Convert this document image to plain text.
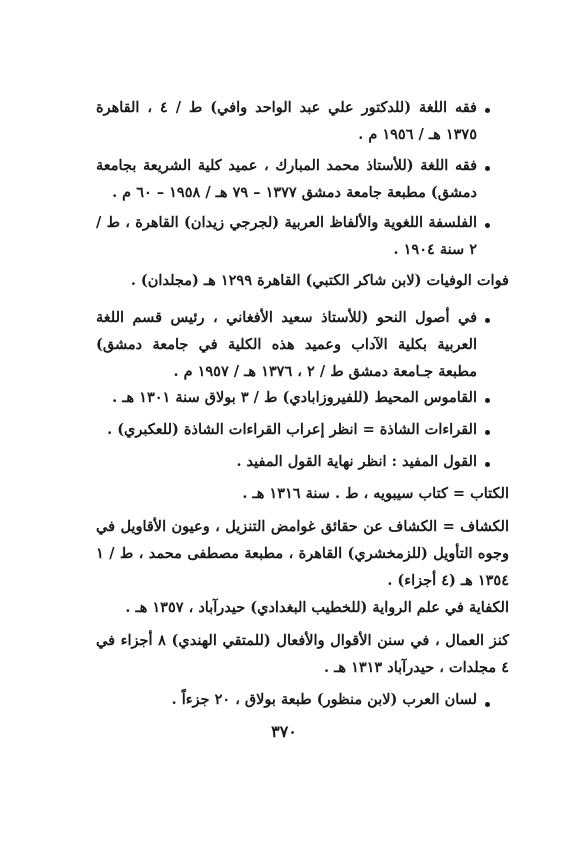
فقه اللغة (للدكتور علي عبد الواحد وافي) ط / ٤ ، القاهرة ١٣٧٥ هـ / ١٩٥٦ م .
فقه اللغة (للأستاذ محمد المبارك ، عميد كلية الشريعة بجامعة دمشق) مطبعة جامعة دمشق ١٣٧٧ – ٧٩ هـ / ١٩٥٨ – ٦٠ م .
الفلسفة اللغوية والألفاظ العربية (لجرجي زيدان) القاهرة ، ط / ٢ سنة ١٩٠٤ .
فوات الوفيات (لابن شاكر الكتبي) القاهرة ١٢٩٩ هـ (مجلدان) .
في أصول النحو (للأستاذ سعيد الأفغاني ، رئيس قسم اللغة العربية بكلية الآداب وعميد هذه الكلية في جامعة دمشق) مطبعة جـامعة دمشق ط / ٢ ، ١٣٧٦ هـ / ١٩٥٧ م .
القاموس المحيط (للفيروزابادي) ط / ٣ بولاق سنة ١٣٠١ هـ .
القراءات الشاذة = انظر إعراب القراءات الشاذة (للعكبري) .
القول المفيد : انظر نهاية القول المفيد .
الكتاب = كتاب سيبويه ، ط . سنة ١٣١٦ هـ .
الكشاف = الكشاف عن حقائق غوامض التنزيل ، وعيون الأقاويل في وجوه التأويل (للزمخشري) القاهرة ، مطبعة مصطفى محمد ، ط / ١ ١٣٥٤ هـ (٤ أجزاء) .
الكفاية في علم الرواية (للخطيب البغدادي) حيدرآباد ، ١٣٥٧ هـ .
كنز العمال ، في سنن الأقوال والأفعال (للمتقي الهندي) ٨ أجزاء في ٤ مجلدات ، حيدرآباد ١٣١٣ هـ .
لسان العرب (لابن منظور) طبعة بولاق ، ٢٠ جزءاً .
٣٧٠
